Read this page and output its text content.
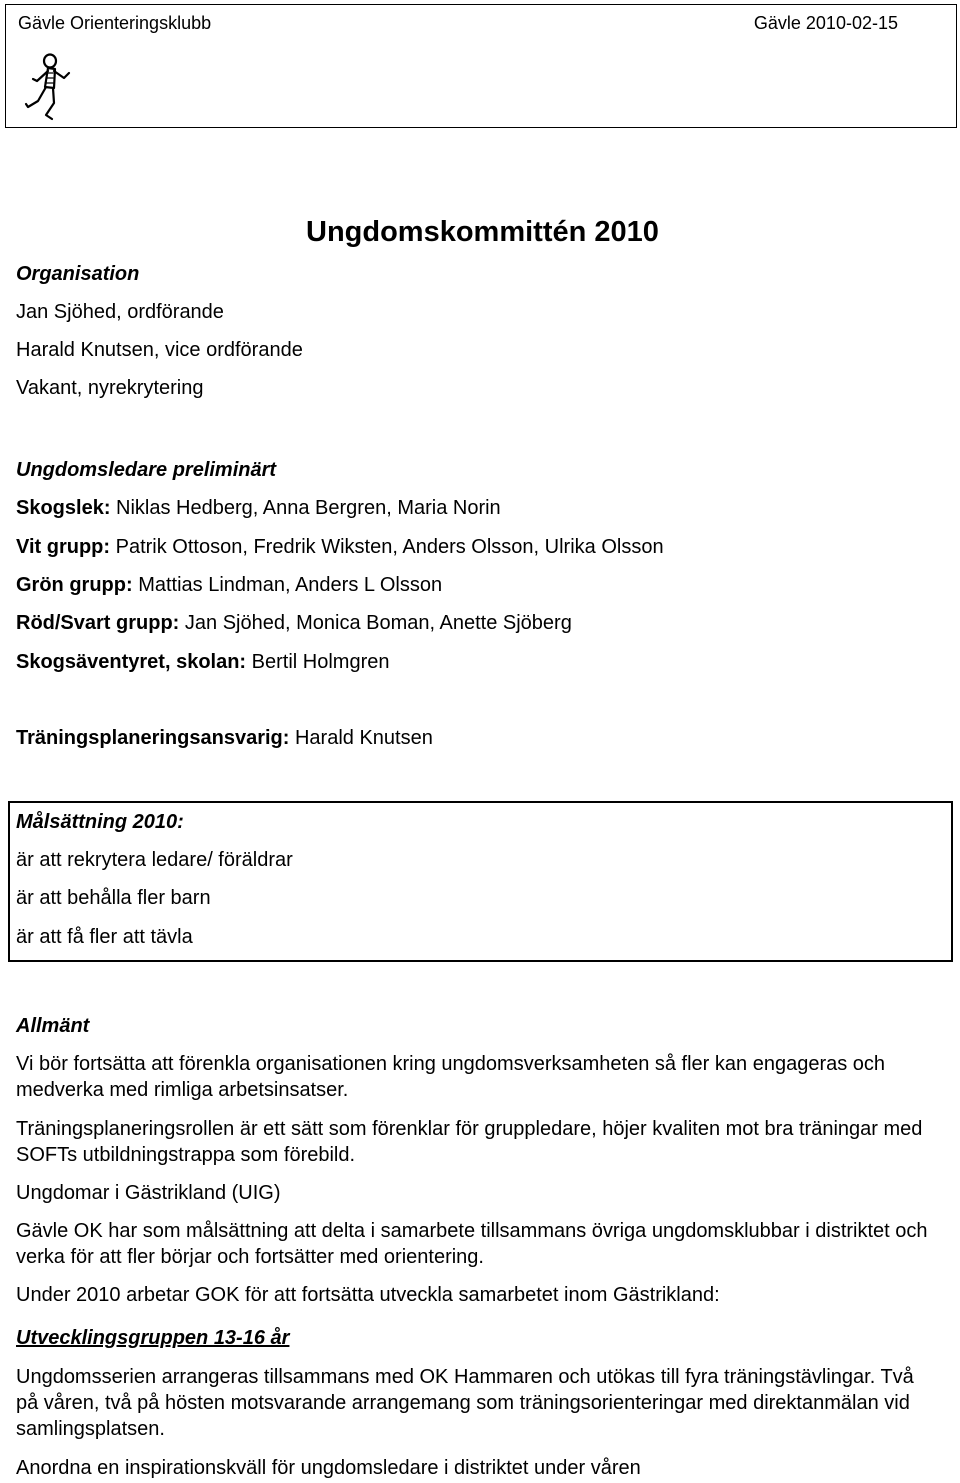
Gävle Orienteringsklubb	Gävle 2010-02-15
Ungdomskommittén 2010
Organisation
Jan Sjöhed, ordförande
Harald Knutsen, vice ordförande
Vakant, nyrekrytering
Ungdomsledare preliminärt
Skogslek: Niklas Hedberg, Anna Bergren, Maria Norin
Vit grupp: Patrik Ottoson, Fredrik Wiksten, Anders Olsson, Ulrika Olsson
Grön grupp: Mattias Lindman, Anders L Olsson
Röd/Svart grupp: Jan Sjöhed, Monica Boman, Anette Sjöberg
Skogsäventyret, skolan: Bertil Holmgren
Träningsplaneringsansvarig: Harald Knutsen
Målsättning 2010:
är att rekrytera ledare/ föräldrar
är att behålla fler barn
är att få fler att tävla
Allmänt
Vi bör fortsätta att förenkla organisationen kring ungdomsverksamheten så fler kan engageras och medverka med rimliga arbetsinsatser.
Träningsplaneringsrollen är ett sätt som förenklar för gruppledare, höjer kvaliten mot bra träningar med SOFTs utbildningstrappa som förebild.
Ungdomar i Gästrikland (UIG)
Gävle OK har som målsättning att delta i samarbete tillsammans övriga ungdomsklubbar i distriktet och verka för att fler börjar och fortsätter med orientering.
Under 2010 arbetar GOK för att fortsätta utveckla samarbetet inom Gästrikland:
Utvecklingsgruppen 13-16 år
Ungdomsserien arrangeras tillsammans med OK Hammaren och utökas till fyra träningstävlingar. Två på våren, två på hösten motsvarande arrangemang som träningsorienteringar med direktanmälan vid samlingsplatsen.
Anordna en inspirationskväll för ungdomsledare i distriktet under våren
